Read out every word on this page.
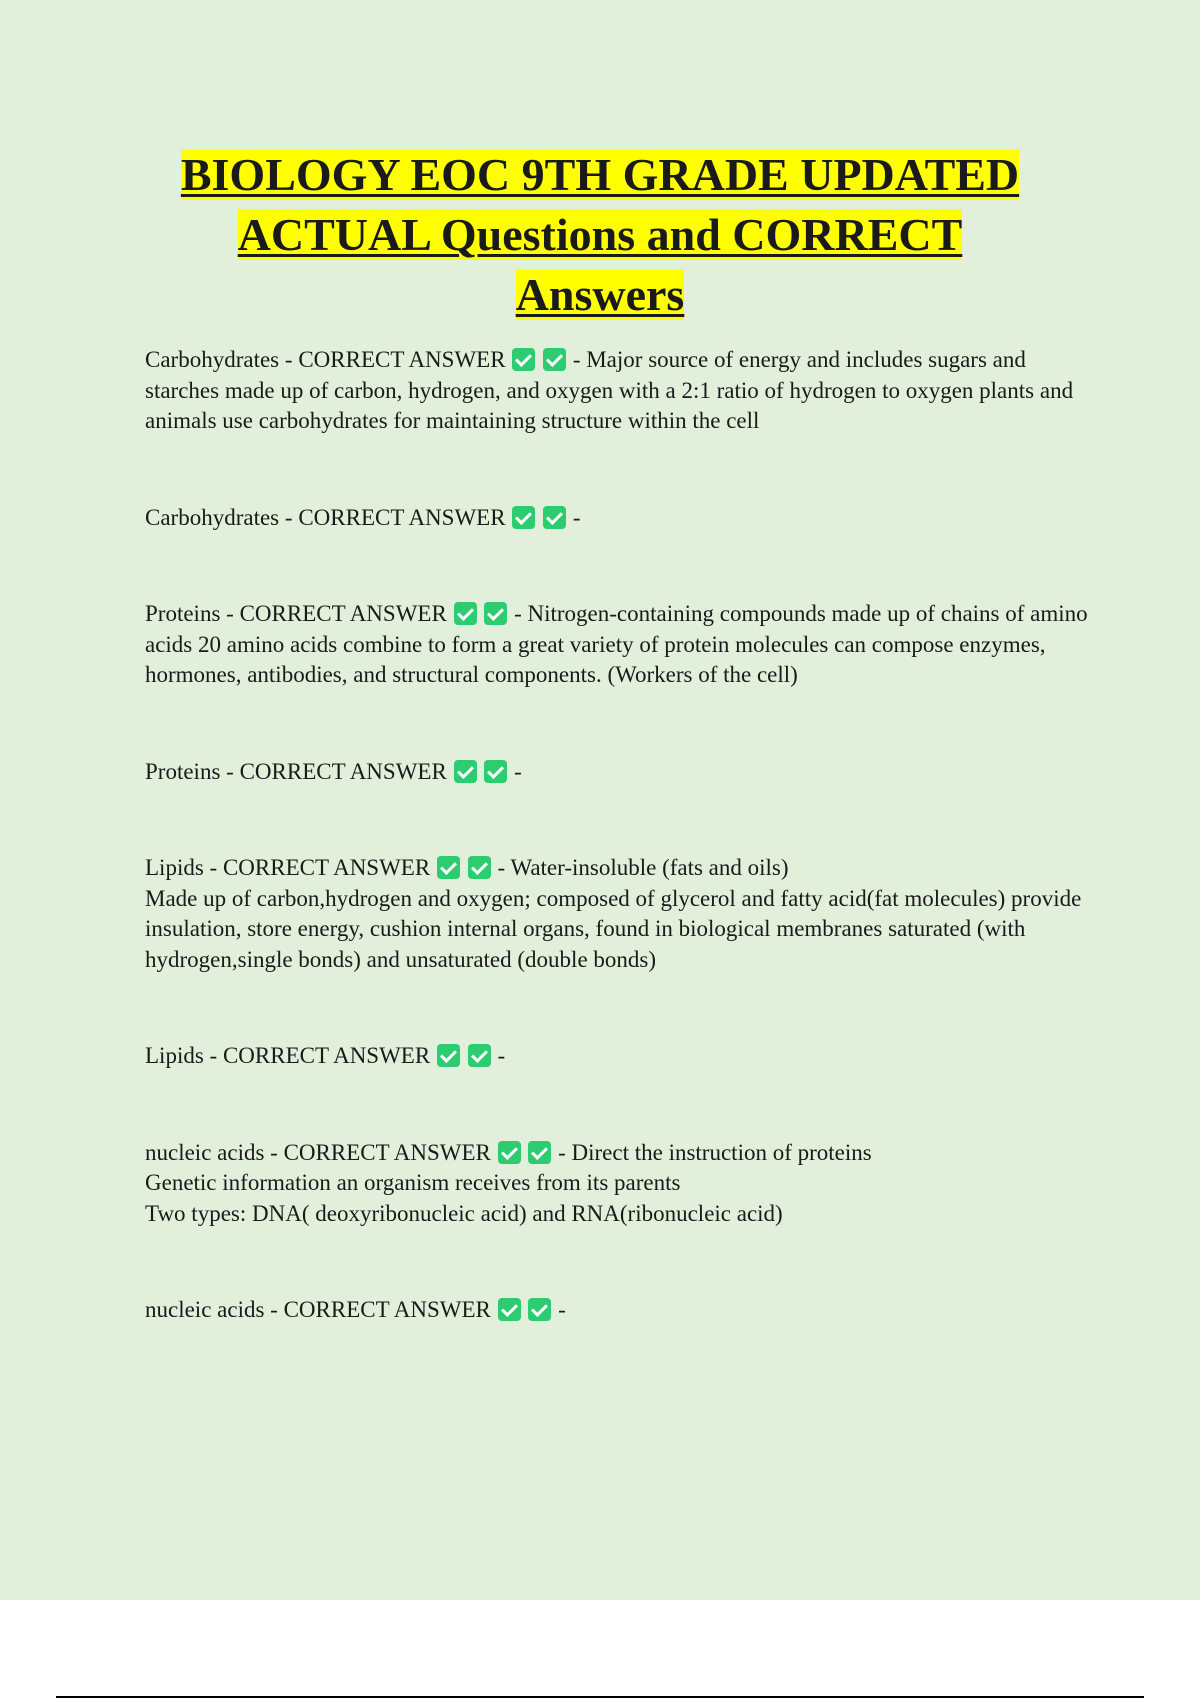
BIOLOGY EOC 9TH GRADE UPDATED
ACTUAL Questions and CORRECT
Answers

Carbohydrates - CORRECT ANSWER	- Major source of energy and includes sugars and starches made up of carbon, hydrogen, and oxygen with a 2:1 ratio of hydrogen to oxygen plants and animals use carbohydrates for maintaining structure within the cell

Carbohydrates - CORRECT ANSWER	-

Proteins - CORRECT ANSWER	- Nitrogen-containing compounds made up of chains of amino acids 20 amino acids combine to form a great variety of protein molecules can compose enzymes, hormones, antibodies, and structural components. (Workers of the cell)

Proteins - CORRECT ANSWER	-

Lipids - CORRECT ANSWER	- Water-insoluble (fats and oils)

Made up of carbon,hydrogen and oxygen; composed of glycerol and fatty acid(fat molecules) provide insulation, store energy, cushion internal organs, found in biological membranes saturated (with hydrogen,single bonds) and unsaturated (double bonds)

Lipids - CORRECT ANSWER	-

nucleic acids - CORRECT ANSWER	- Direct the instruction of proteins

Genetic information an organism receives from its parents

Two types: DNA( deoxyribonucleic acid) and RNA(ribonucleic acid)

nucleic acids - CORRECT ANSWER	-
